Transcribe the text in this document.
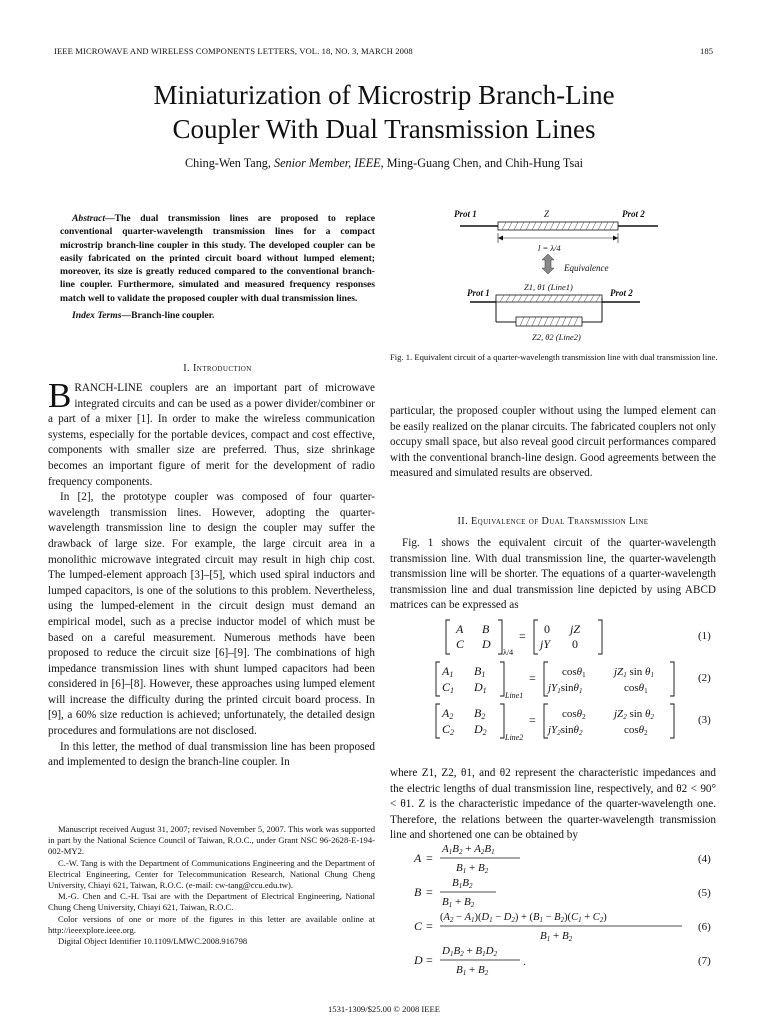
IEEE MICROWAVE AND WIRELESS COMPONENTS LETTERS, VOL. 18, NO. 3, MARCH 2008	185
Miniaturization of Microstrip Branch-Line
Coupler With Dual Transmission Lines
Ching-Wen Tang, Senior Member, IEEE, Ming-Guang Chen, and Chih-Hung Tsai

Abstract—The dual transmission lines are proposed to replace conventional quarter-wavelength transmission lines for a compact microstrip branch-line coupler in this study. The developed coupler can be easily fabricated on the printed circuit board without lumped element; moreover, its size is greatly reduced compared to the conventional branch-line coupler. Furthermore, simulated and measured frequency responses match well to validate the proposed coupler with dual transmission lines.

Index Terms—Branch-line coupler.

I. Introduction

BRANCH-LINE couplers are an important part of microwave integrated circuits and can be used as a power divider/combiner or a part of a mixer [1]. In order to make the wireless communication systems, especially for the portable devices, compact and cost effective, components with smaller size are preferred. Thus, size shrinkage becomes an important figure of merit for the development of radio frequency components.

In [2], the prototype coupler was composed of four quarter-wavelength transmission lines. However, adopting the quarter-wavelength transmission line to design the coupler may suffer the drawback of large size. For example, the large circuit area in a monolithic microwave integrated circuit may result in high chip cost. The lumped-element approach [3]–[5], which used spiral inductors and lumped capacitors, is one of the solutions to this problem. Nevertheless, using the lumped-element in the circuit design must demand an empirical model, such as a precise inductor model of which must be based on a careful measurement. Numerous methods have been proposed to reduce the circuit size [6]–[9]. The combinations of high impedance transmission lines with shunt lumped capacitors had been considered in [6]–[8]. However, these approaches using lumped element will increase the difficulty during the printed circuit board process. In [9], a 60% size reduction is achieved; unfortunately, the detailed design procedures and formulations are not disclosed.

In this letter, the method of dual transmission line has been proposed and implemented to design the branch-line coupler. In

Manuscript received August 31, 2007; revised November 5, 2007. This work was supported in part by the National Science Council of Taiwan, R.O.C., under Grant NSC 96-2628-E-194-002-MY2.

C.-W. Tang is with the Department of Communications Engineering and the Department of Electrical Engineering, Center for Telecommunication Research, National Chung Cheng University, Chiayi 621, Taiwan, R.O.C. (e-mail: cw-tang@ccu.edu.tw).

M.-G. Chen and C.-H. Tsai are with the Department of Electrical Engineering, National Chung Cheng University, Chiayi 621, Taiwan, R.O.C.

Color versions of one or more of the figures in this letter are available online at http://ieeexplore.ieee.org.

Digital Object Identifier 10.1109/LMWC.2008.916798

Prot 1	Prot 2
Z
l = λ/4
Equivalence
Z1, θ1 (Line1)
Prot 1	Prot 2
Z2, θ2 (Line2)
Fig. 1. Equivalent circuit of a quarter-wavelength transmission line with dual transmission line.

particular, the proposed coupler without using the lumped element can be easily realized on the planar circuits. The fabricated couplers not only occupy small space, but also reveal good circuit performances compared with the conventional branch-line design. Good agreements between the measured and simulated results are observed.

II. Equivalence of Dual Transmission Line

Fig. 1 shows the equivalent circuit of the quarter-wavelength transmission line. With dual transmission line, the quarter-wavelength transmission line will be shorter. The equations of a quarter-wavelength transmission line and dual transmission line depicted by using ABCD matrices can be expressed as

A B
C D
λ/4
= 0 jZ
jY 0
A1 B1
C1 D1
Line1
= cosθ1	jZ1 sin θ1
jY1sinθ1	cosθ1
A2 B2
C2 D2
Line2
= cosθ2	jZ2 sin θ2
jY2sinθ2	cosθ2
(1)
(2)
(3)

where Z1, Z2, θ1, and θ2 represent the characteristic impedances and the electric lengths of dual transmission line, respectively, and θ2 < 90° < θ1. Z is the characteristic impedance of the quarter-wavelength one. Therefore, the relations between the quarter-wavelength transmission line and shortened one can be obtained by

A =
A1B2 + A2B1
B1 + B2
B =
B1B2
B1 + B2
C =
(A2 − A1)(D1 − D2) + (B1 − B2)(C1 + C2)
B1 + B2
D =
D1B2 + B1D2
B1 + B2
.
(4)
(5)
(6)
(7)
1531-1309/$25.00 © 2008 IEEE
